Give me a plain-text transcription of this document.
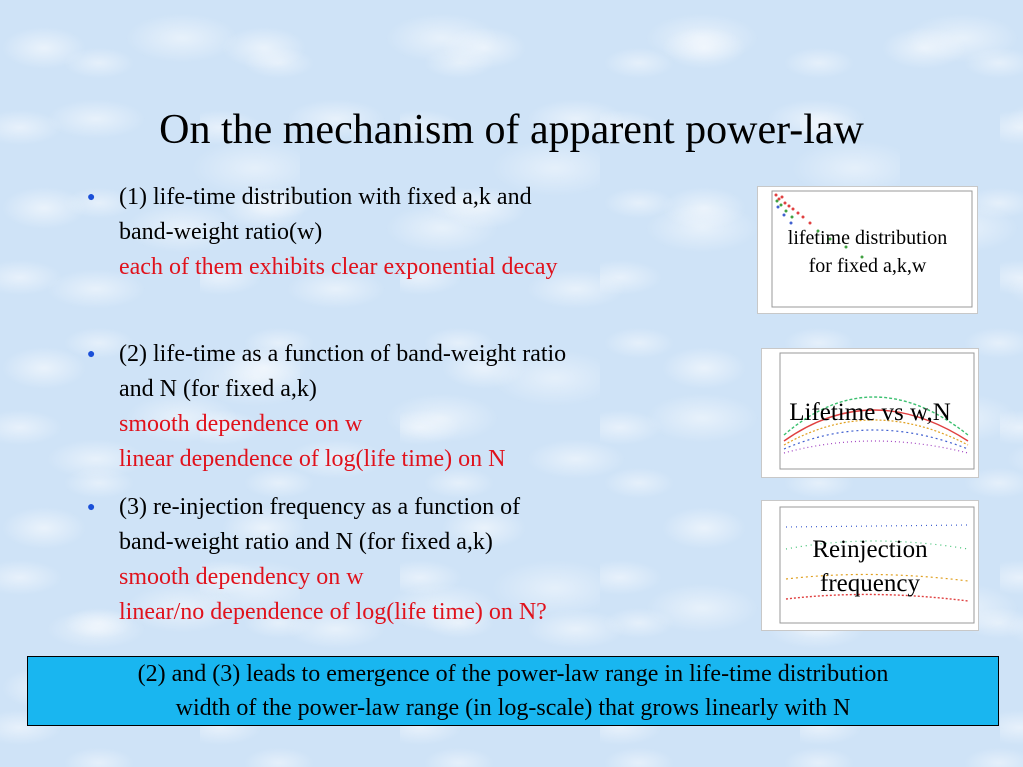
On the mechanism of apparent power-law
● (1) life-time distribution with fixed a,k and
band-weight ratio(w)
each of them exhibits clear exponential decay
● (2) life-time as a function of band-weight ratio
and N (for fixed a,k)
smooth dependence on w
linear dependence of log(life time) on N
● (3) re-injection frequency as a function of
band-weight ratio and N (for fixed a,k)
smooth dependency on w
linear/no dependence of log(life time) on N?
lifetime distribution
for fixed a,k,w
Lifetime vs w,N
Reinjection
frequency
(2) and (3) leads to emergence of the power-law range in life-time distribution
width of the power-law range (in log-scale) that grows linearly with N
